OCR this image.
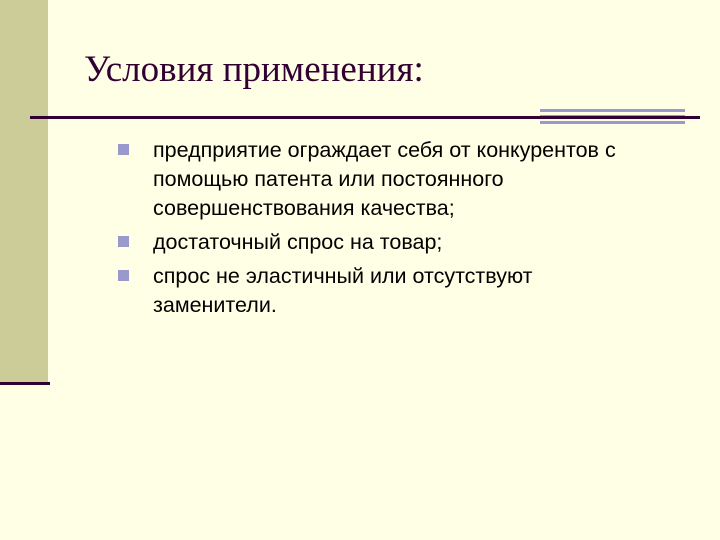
Условия применения:
предприятие ограждает себя от конкурентов с помощью патента или постоянного совершенствования качества;
достаточный спрос на товар;
спрос не эластичный или отсутствуют заменители.
